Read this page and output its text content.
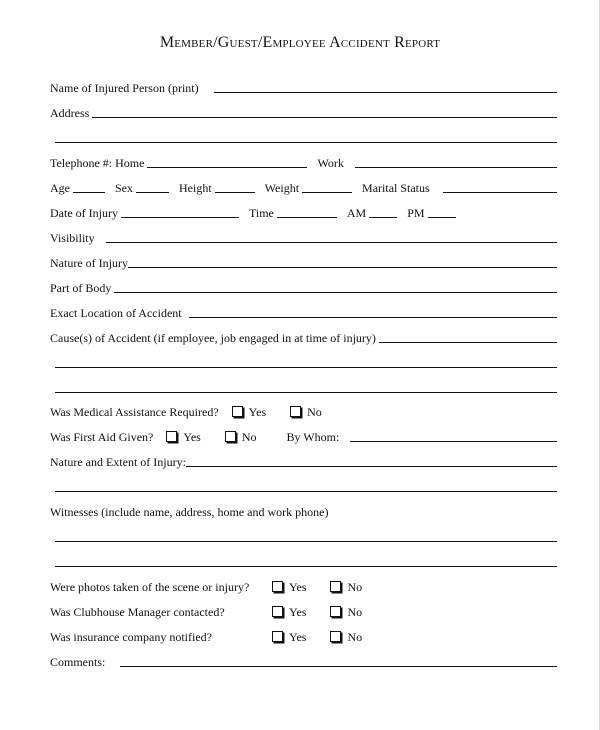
Member/Guest/Employee Accident Report
Name of Injured Person (print)
Address
Telephone #: Home	Work
Age	Sex	Height	Weight	Marital Status
Date of Injury	Time	AM	PM
Visibility
Nature of Injury
Part of Body
Exact Location of Accident
Cause(s) of Accident (if employee, job engaged in at time of injury)
Was Medical Assistance Required?	Yes	No
Was First Aid Given?	Yes	No	By Whom:
Nature and Extent of Injury:
Witnesses (include name, address, home and work phone)
Were photos taken of the scene or injury?	Yes	No
Was Clubhouse Manager contacted?	Yes	No
Was insurance company notified?	Yes	No
Comments:
